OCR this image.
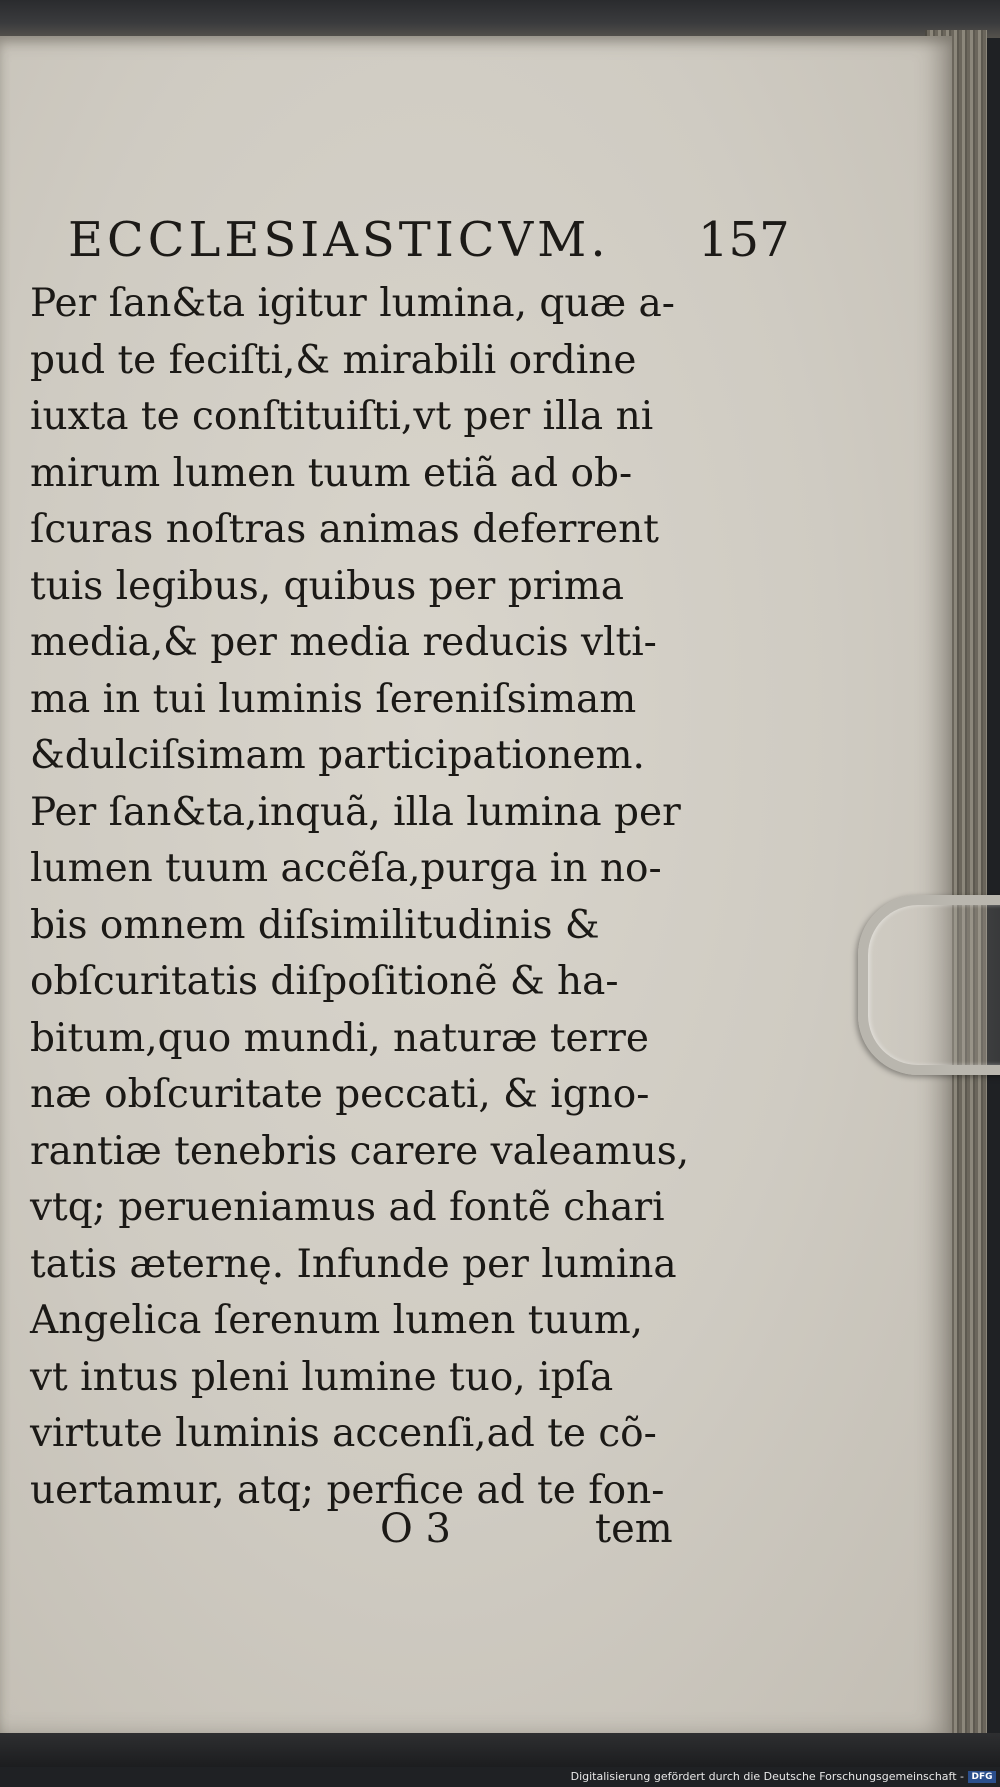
ECCLESIASTICVM. 157
Per ſan&ta igitur lumina, quæ a-
pud te feciſti,& mirabili ordine
iuxta te conſtituiſti,vt per illa ni
mirum lumen tuum etiã ad ob-
ſcuras noſtras animas deferrent
tuis legibus, quibus per prima
media,& per media reducis vlti-
ma in tui luminis ſereniſsimam
&dulciſsimam participationem.
Per ſan&ta,inquã, illa lumina per
lumen tuum accẽſa,purga in no-
bis omnem diſsimilitudinis &
obſcuritatis diſpoſitionẽ & ha-
bitum,quo mundi, naturæ terre
næ obſcuritate peccati, & igno-
rantiæ tenebris carere valeamus,
vtq; perueniamus ad fontẽ chari
tatis æternę. Infunde per lumina
Angelica ſerenum lumen tuum,
vt intus pleni lumine tuo, ipſa
virtute luminis accenſi,ad te cõ-
uertamur, atq; perfice ad te fon-
O 3	tem
Digitalisierung gefördert durch die Deutsche Forschungsgemeinschaft - DFG
